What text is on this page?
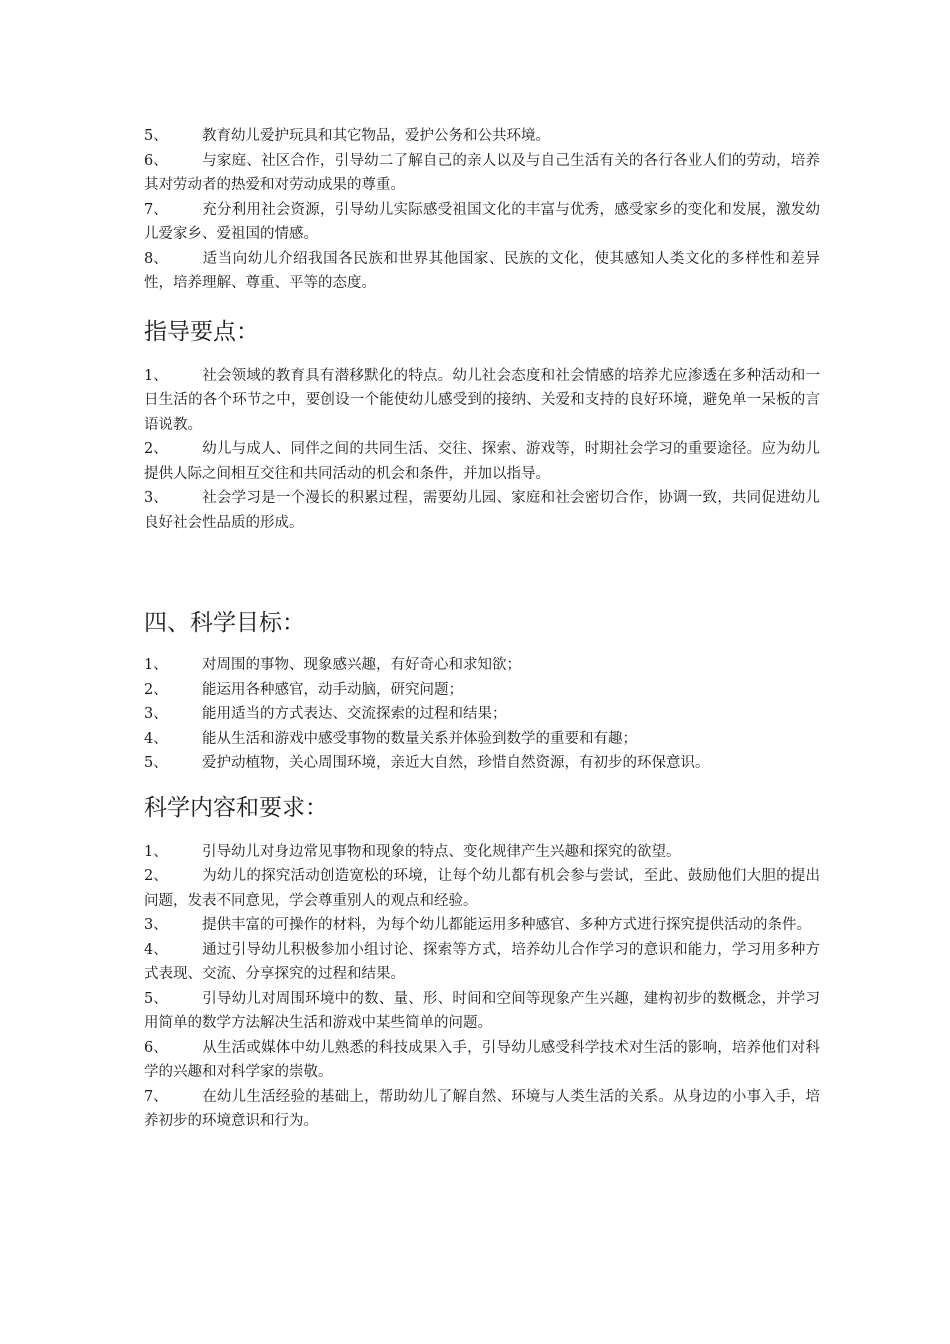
5、 教育幼儿爱护玩具和其它物品，爱护公务和公共环境。

6、 与家庭、社区合作，引导幼二了解自己的亲人以及与自己生活有关的各行各业人们的劳动，培养其对劳动者的热爱和对劳动成果的尊重。

7、 充分利用社会资源，引导幼儿实际感受祖国文化的丰富与优秀，感受家乡的变化和发展，激发幼儿爱家乡、爱祖国的情感。

8、 适当向幼儿介绍我国各民族和世界其他国家、民族的文化，使其感知人类文化的多样性和差异性，培养理解、尊重、平等的态度。

指导要点：

1、 社会领域的教育具有潜移默化的特点。幼儿社会态度和社会情感的培养尤应渗透在多种活动和一日生活的各个环节之中，要创设一个能使幼儿感受到的接纳、关爱和支持的良好环境，避免单一呆板的言语说教。

2、 幼儿与成人、同伴之间的共同生活、交往、探索、游戏等，时期社会学习的重要途径。应为幼儿提供人际之间相互交往和共同活动的机会和条件，并加以指导。

3、 社会学习是一个漫长的积累过程，需要幼儿园、家庭和社会密切合作，协调一致，共同促进幼儿良好社会性品质的形成。

四、科学目标：

1、 对周围的事物、现象感兴趣，有好奇心和求知欲；

2、 能运用各种感官，动手动脑，研究问题；

3、 能用适当的方式表达、交流探索的过程和结果；

4、 能从生活和游戏中感受事物的数量关系并体验到数学的重要和有趣；

5、 爱护动植物，关心周围环境，亲近大自然，珍惜自然资源，有初步的环保意识。

科学内容和要求：

1、 引导幼儿对身边常见事物和现象的特点、变化规律产生兴趣和探究的欲望。

2、 为幼儿的探究活动创造宽松的环境，让每个幼儿都有机会参与尝试，至此、鼓励他们大胆的提出问题，发表不同意见，学会尊重别人的观点和经验。

3、 提供丰富的可操作的材料，为每个幼儿都能运用多种感官、多种方式进行探究提供活动的条件。

4、 通过引导幼儿积极参加小组讨论、探索等方式，培养幼儿合作学习的意识和能力，学习用多种方式表现、交流、分享探究的过程和结果。

5、 引导幼儿对周围环境中的数、量、形、时间和空间等现象产生兴趣，建构初步的数概念，并学习用简单的数学方法解决生活和游戏中某些简单的问题。

6、 从生活或媒体中幼儿熟悉的科技成果入手，引导幼儿感受科学技术对生活的影响，培养他们对科学的兴趣和对科学家的崇敬。

7、 在幼儿生活经验的基础上，帮助幼儿了解自然、环境与人类生活的关系。从身边的小事入手，培养初步的环境意识和行为。
